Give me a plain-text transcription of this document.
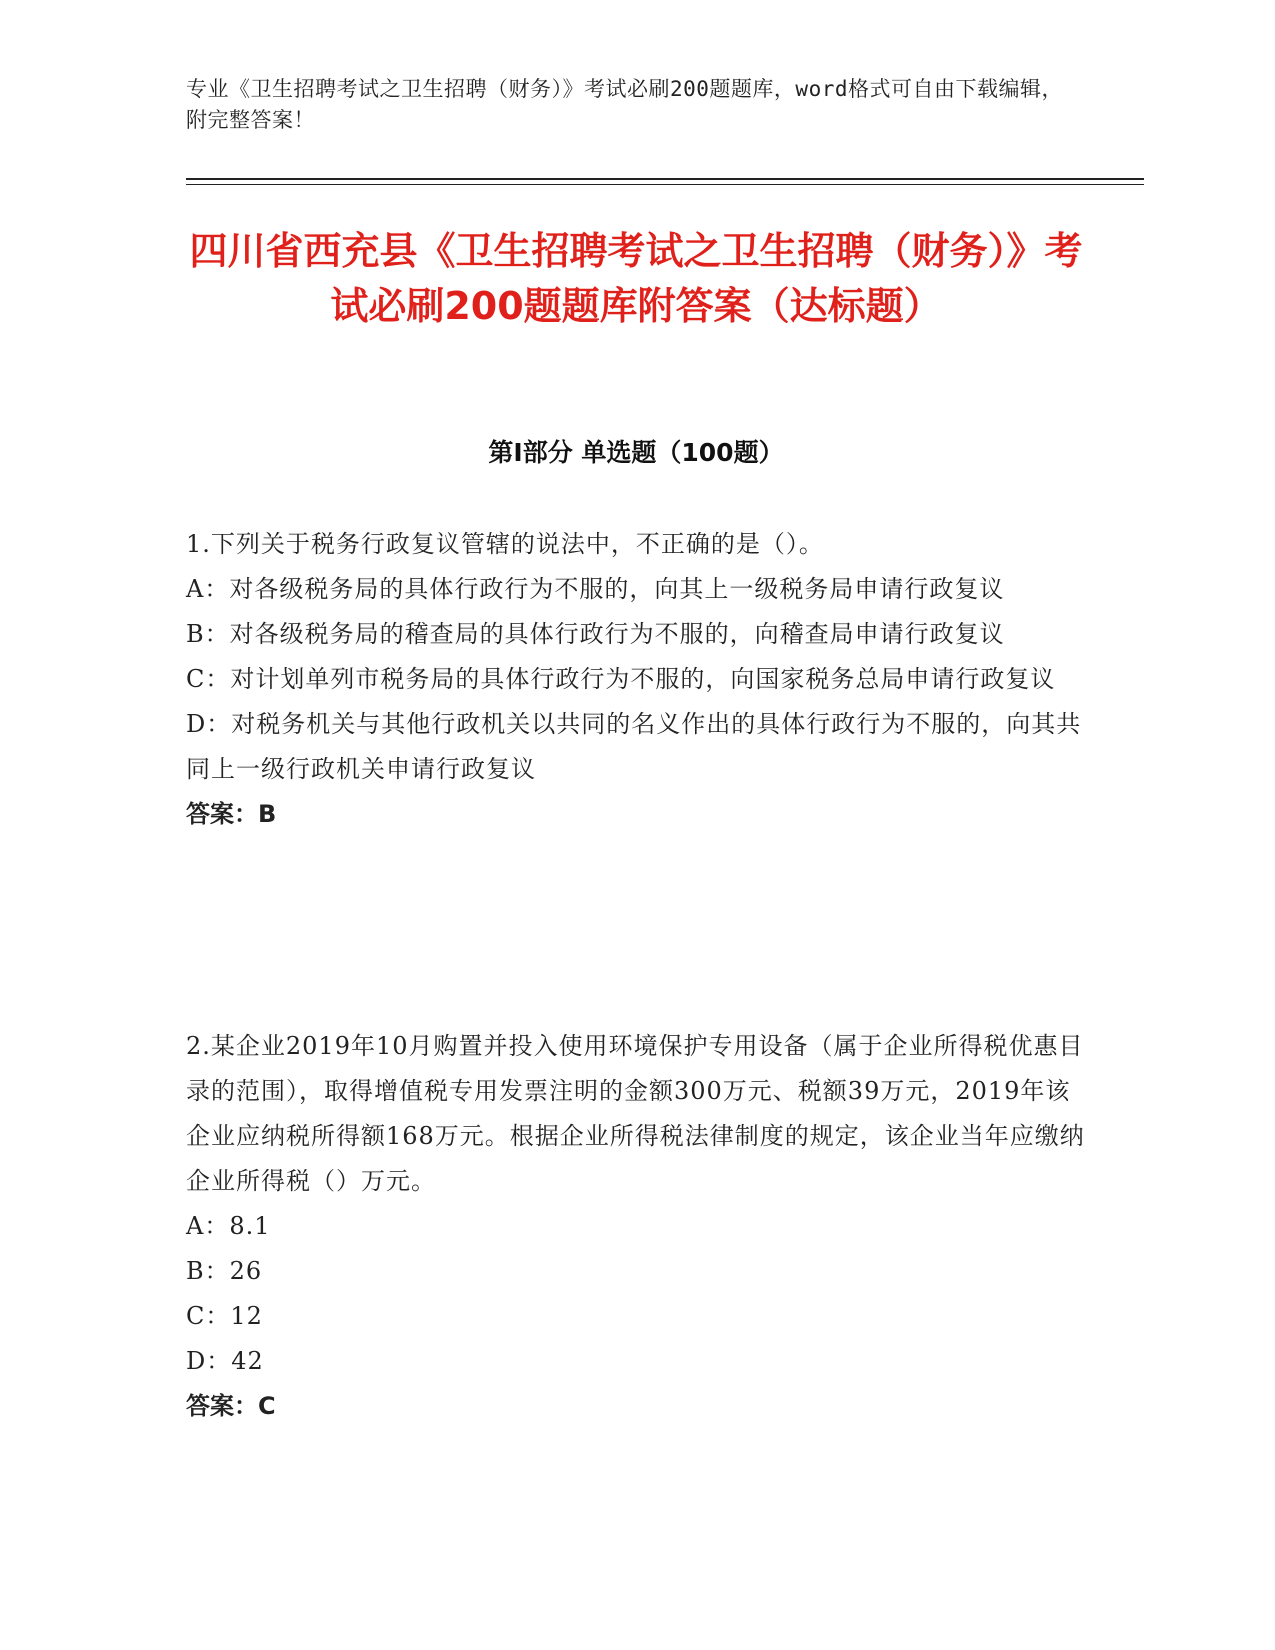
专业《卫生招聘考试之卫生招聘（财务）》考试必刷200题题库，word格式可自由下载编辑，附完整答案！
四川省西充县《卫生招聘考试之卫生招聘（财务）》考试必刷200题题库附答案（达标题）
第I部分 单选题（100题）

1.下列关于税务行政复议管辖的说法中，不正确的是（）。

A：对各级税务局的具体行政行为不服的，向其上一级税务局申请行政复议

B：对各级税务局的稽查局的具体行政行为不服的，向稽查局申请行政复议

C：对计划单列市税务局的具体行政行为不服的，向国家税务总局申请行政复议

D：对税务机关与其他行政机关以共同的名义作出的具体行政行为不服的，向其共同上一级行政机关申请行政复议

答案：B

2.某企业2019年10月购置并投入使用环境保护专用设备（属于企业所得税优惠目录的范围），取得增值税专用发票注明的金额300万元、税额39万元，2019年该企业应纳税所得额168万元。根据企业所得税法律制度的规定，该企业当年应缴纳企业所得税（）万元。

A：8.1

B：26

C：12

D：42

答案：C
